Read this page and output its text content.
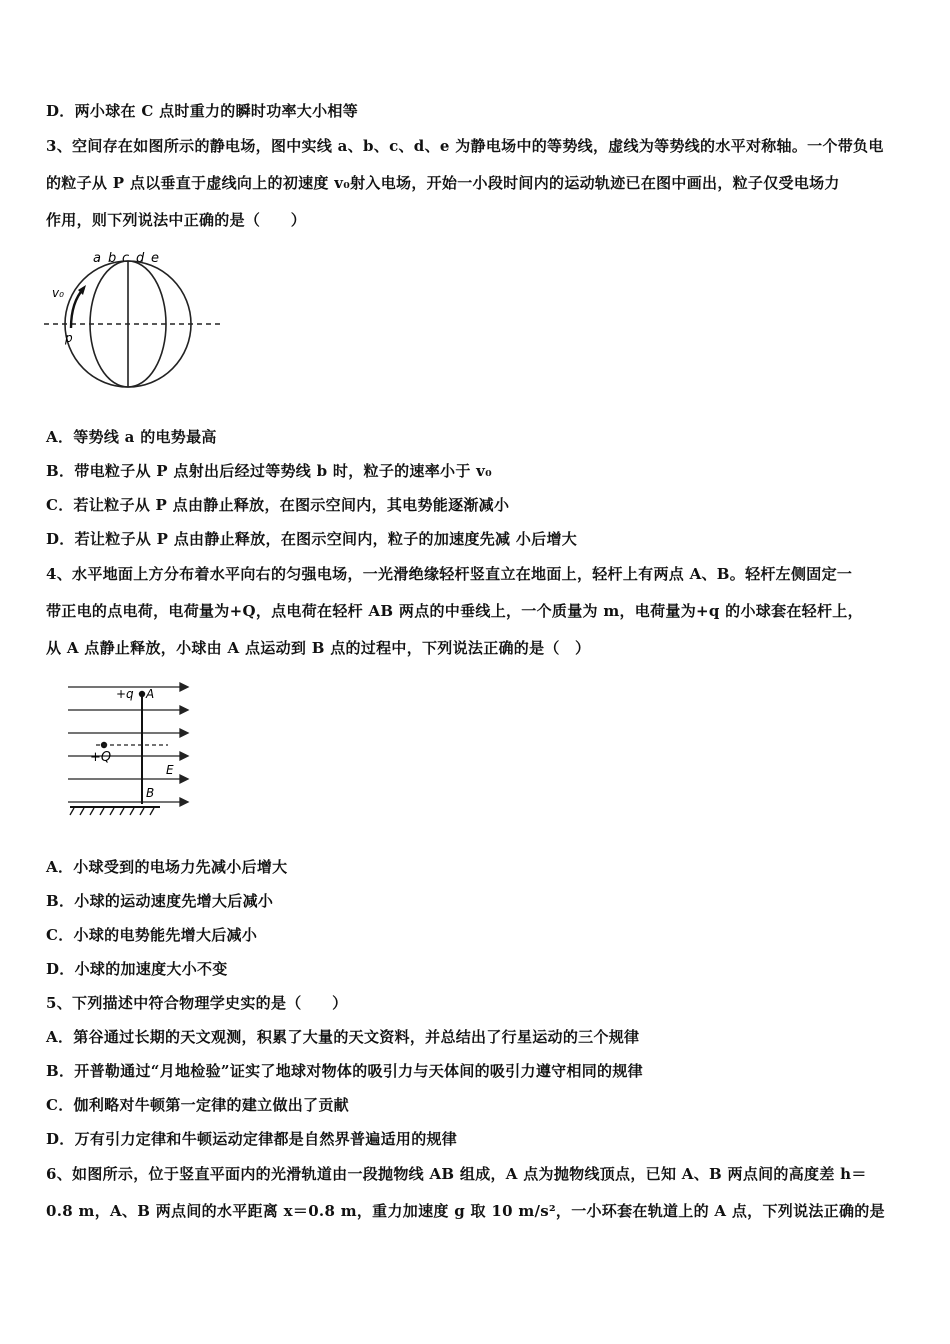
D．两小球在 C 点时重力的瞬时功率大小相等
3、空间存在如图所示的静电场，图中实线 a、b、c、d、e 为静电场中的等势线，虚线为等势线的水平对称轴。一个带负电
的粒子从 P 点以垂直于虚线向上的初速度 v₀射入电场，开始一小段时间内的运动轨迹已在图中画出，粒子仅受电场力
作用，则下列说法中正确的是（　　）
a b c d e
v₀
p
A．等势线 a 的电势最高
B．带电粒子从 P 点射出后经过等势线 b 时，粒子的速率小于 v₀
C．若让粒子从 P 点由静止释放，在图示空间内，其电势能逐渐减小
D．若让粒子从 P 点由静止释放，在图示空间内，粒子的加速度先减 小后增大
4、水平地面上方分布着水平向右的匀强电场，一光滑绝缘轻杆竖直立在地面上，轻杆上有两点 A、B。轻杆左侧固定一
带正电的点电荷，电荷量为+Q，点电荷在轻杆 AB 两点的中垂线上，一个质量为 m，电荷量为+q 的小球套在轻杆上，
从 A 点静止释放，小球由 A 点运动到 B 点的过程中，下列说法正确的是（　）
+q A
+Q
E
B
A．小球受到的电场力先减小后增大
B．小球的运动速度先增大后减小
C．小球的电势能先增大后减小
D．小球的加速度大小不变
5、下列描述中符合物理学史实的是（　　）
A．第谷通过长期的天文观测，积累了大量的天文资料，并总结出了行星运动的三个规律
B．开普勒通过“月地检验”证实了地球对物体的吸引力与天体间的吸引力遵守相同的规律
C．伽利略对牛顿第一定律的建立做出了贡献
D．万有引力定律和牛顿运动定律都是自然界普遍适用的规律
6、如图所示，位于竖直平面内的光滑轨道由一段抛物线 AB 组成，A 点为抛物线顶点，已知 A、B 两点间的高度差 h＝
0.8 m，A、B 两点间的水平距离 x＝0.8 m，重力加速度 g 取 10 m/s²，一小环套在轨道上的 A 点，下列说法正确的是
